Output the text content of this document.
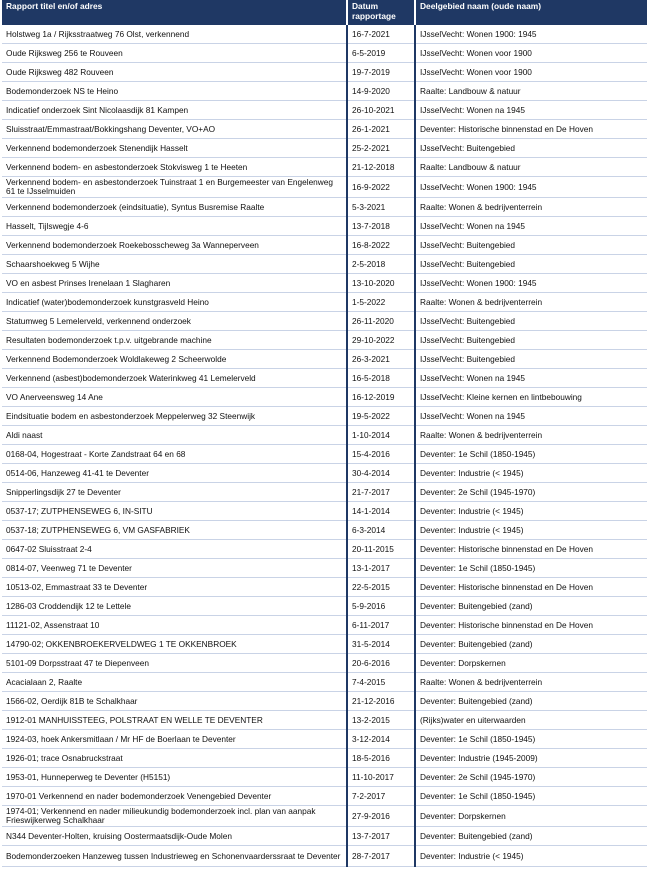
Rapport titel en/of adres	Datum rapportage	Deelgebied naam (oude naam)
Holstweg 1a / Rijksstraatweg 76 Olst, verkennend	16-7-2021	IJsselVecht: Wonen 1900: 1945
Oude Rijksweg 256 te Rouveen	6-5-2019	IJsselVecht: Wonen voor 1900
Oude Rijksweg 482 Rouveen	19-7-2019	IJsselVecht: Wonen voor 1900
Bodemonderzoek NS te Heino	14-9-2020	Raalte: Landbouw & natuur
Indicatief onderzoek Sint Nicolaasdijk 81 Kampen	26-10-2021	IJsselVecht: Wonen na 1945
Sluisstraat/Emmastraat/Bokkingshang Deventer, VO+AO	26-1-2021	Deventer: Historische binnenstad en De Hoven
Verkennend bodemonderzoek Stenendijk Hasselt	25-2-2021	IJsselVecht: Buitengebied
Verkennend bodem- en asbestonderzoek Stokvisweg 1 te Heeten	21-12-2018	Raalte: Landbouw & natuur
Verkennend bodem- en asbestonderzoek Tuinstraat 1 en Burgemeester van Engelenweg 61 te IJsselmuiden	16-9-2022	IJsselVecht: Wonen 1900: 1945
Verkennend bodemonderzoek (eindsituatie), Syntus Busremise Raalte	5-3-2021	Raalte: Wonen & bedrijventerrein
Hasselt, Tijlswegje 4-6	13-7-2018	IJsselVecht: Wonen na 1945
Verkennend bodemonderzoek Roekebosscheweg 3a Wanneperveen	16-8-2022	IJsselVecht: Buitengebied
Schaarshoekweg 5 Wijhe	2-5-2018	IJsselVecht: Buitengebied
VO en asbest Prinses Irenelaan 1 Slagharen	13-10-2020	IJsselVecht: Wonen 1900: 1945
Indicatief (water)bodemonderzoek kunstgrasveld Heino	1-5-2022	Raalte: Wonen & bedrijventerrein
Statumweg 5 Lemelerveld, verkennend onderzoek	26-11-2020	IJsselVecht: Buitengebied
Resultaten bodemonderzoek t.p.v. uitgebrande machine	29-10-2022	IJsselVecht: Buitengebied
Verkennend Bodemonderzoek Woldlakeweg 2 Scheerwolde	26-3-2021	IJsselVecht: Buitengebied
Verkennend (asbest)bodemonderzoek Waterinkweg 41 Lemelerveld	16-5-2018	IJsselVecht: Wonen na 1945
VO Anerveensweg 14 Ane	16-12-2019	IJsselVecht: Kleine kernen en lintbebouwing
Eindsituatie bodem en asbestonderzoek Meppelerweg 32 Steenwijk	19-5-2022	IJsselVecht: Wonen na 1945
Aldi naast	1-10-2014	Raalte: Wonen & bedrijventerrein
0168-04, Hogestraat - Korte Zandstraat 64 en 68	15-4-2016	Deventer: 1e Schil (1850-1945)
0514-06, Hanzeweg 41-41 te Deventer	30-4-2014	Deventer: Industrie (< 1945)
Snipperlingsdijk 27 te Deventer	21-7-2017	Deventer: 2e Schil (1945-1970)
0537-17; ZUTPHENSEWEG 6, IN-SITU	14-1-2014	Deventer: Industrie (< 1945)
0537-18; ZUTPHENSEWEG 6, VM GASFABRIEK	6-3-2014	Deventer: Industrie (< 1945)
0647-02 Sluisstraat 2-4	20-11-2015	Deventer: Historische binnenstad en De Hoven
0814-07, Veenweg 71 te Deventer	13-1-2017	Deventer: 1e Schil (1850-1945)
10513-02, Emmastraat 33 te Deventer	22-5-2015	Deventer: Historische binnenstad en De Hoven
1286-03 Croddendijk 12 te Lettele	5-9-2016	Deventer: Buitengebied (zand)
11121-02, Assenstraat 10	6-11-2017	Deventer: Historische binnenstad en De Hoven
14790-02; OKKENBROEKERVELDWEG 1 TE OKKENBROEK	31-5-2014	Deventer: Buitengebied (zand)
5101-09 Dorpsstraat 47 te Diepenveen	20-6-2016	Deventer: Dorpskernen
Acacialaan 2, Raalte	7-4-2015	Raalte: Wonen & bedrijventerrein
1566-02, Oerdijk 81B te Schalkhaar	21-12-2016	Deventer: Buitengebied (zand)
1912-01 MANHUISSTEEG, POLSTRAAT EN WELLE TE DEVENTER	13-2-2015	(Rijks)water en uiterwaarden
1924-03, hoek Ankersmitlaan / Mr HF de Boerlaan te Deventer	3-12-2014	Deventer: 1e Schil (1850-1945)
1926-01; trace Osnabruckstraat	18-5-2016	Deventer: Industrie (1945-2009)
1953-01, Hunneperweg te Deventer (H5151)	11-10-2017	Deventer: 2e Schil (1945-1970)
1970-01 Verkennend en nader bodemonderzoek Venengebied Deventer	7-2-2017	Deventer: 1e Schil (1850-1945)
1974-01; Verkennend en nader milieukundig bodemonderzoek incl. plan van aanpak Frieswijkerweg Schalkhaar	27-9-2016	Deventer: Dorpskernen
N344 Deventer-Holten, kruising Oostermaatsdijk-Oude Molen	13-7-2017	Deventer: Buitengebied (zand)
Bodemonderzoeken Hanzeweg tussen Industrieweg en Schonenvaarderssraat te Deventer	28-7-2017	Deventer: Industrie (< 1945)
